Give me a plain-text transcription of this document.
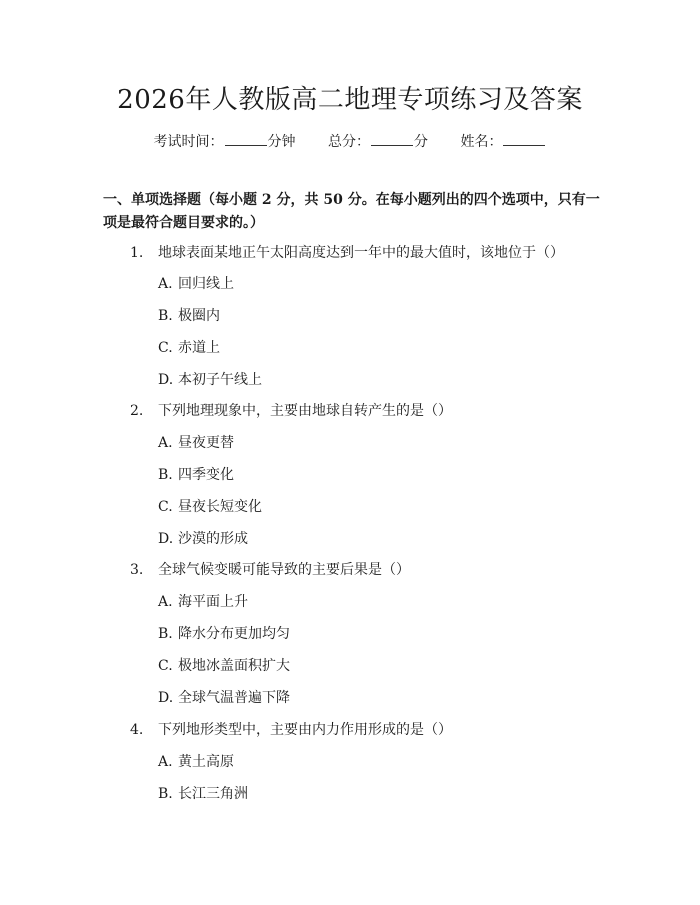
2026年人教版高二地理专项练习及答案
考试时间：	分钟 总分：	分 姓名：
一、单项选择题（每小题 2 分，共 50 分。在每小题列出的四个选项中，只有一项是最符合题目要求的。）
1. 地球表面某地正午太阳高度达到一年中的最大值时，该地位于（）
A. 回归线上
B. 极圈内
C. 赤道上
D. 本初子午线上
2. 下列地理现象中，主要由地球自转产生的是（）
A. 昼夜更替
B. 四季变化
C. 昼夜长短变化
D. 沙漠的形成
3. 全球气候变暖可能导致的主要后果是（）
A. 海平面上升
B. 降水分布更加均匀
C. 极地冰盖面积扩大
D. 全球气温普遍下降
4. 下列地形类型中，主要由内力作用形成的是（）
A. 黄土高原
B. 长江三角洲
